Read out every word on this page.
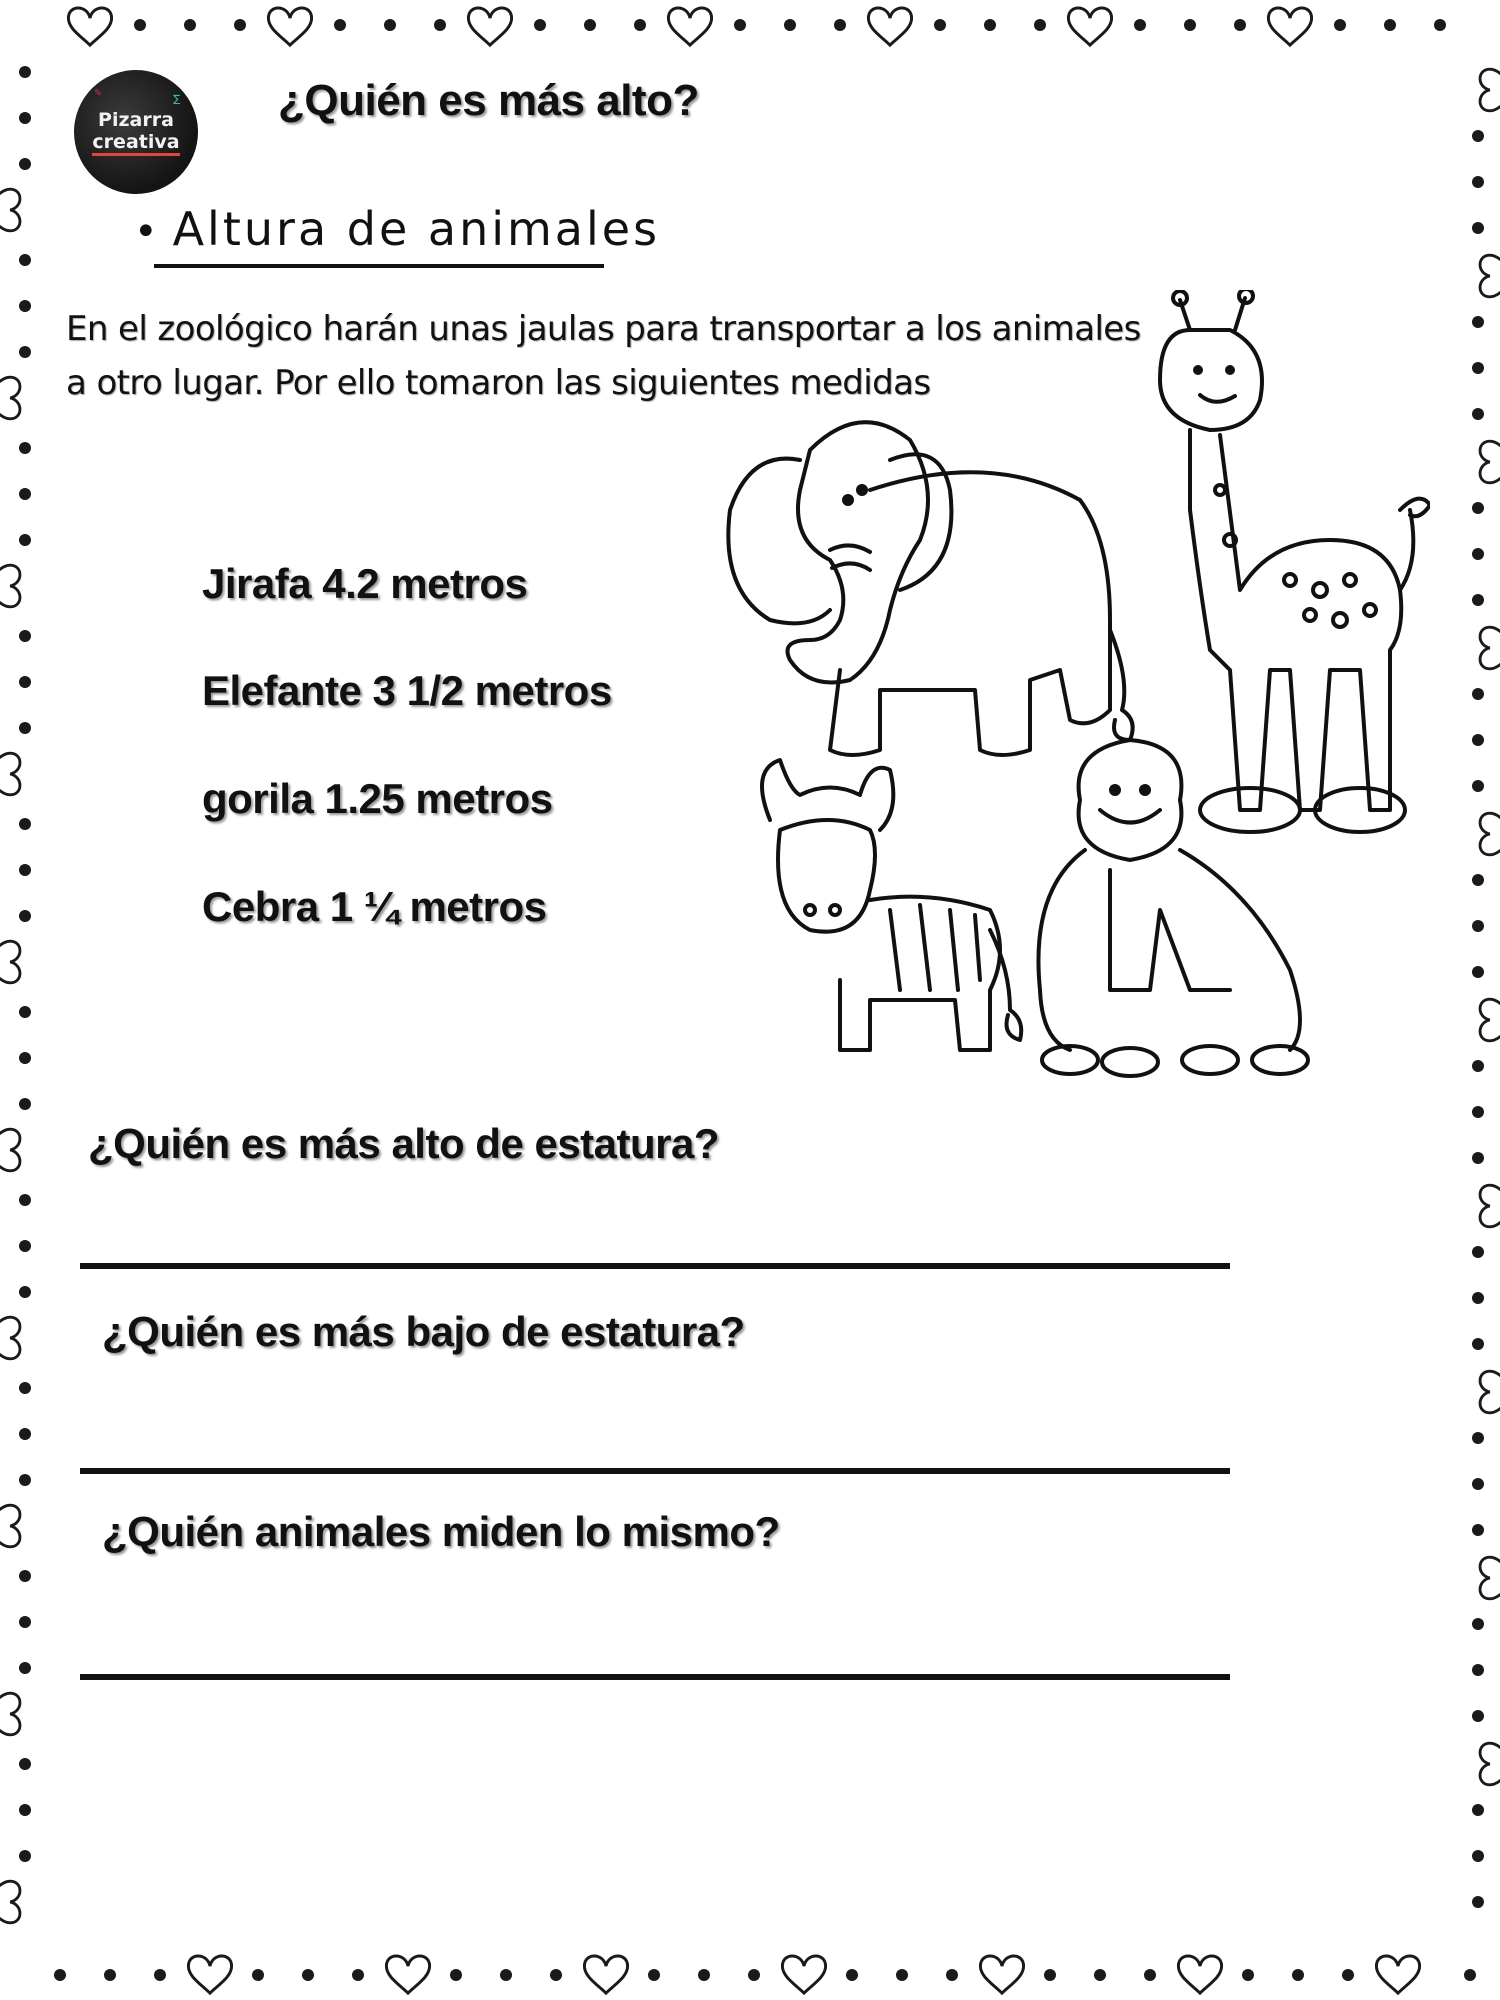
✎
∑
Pizarra
creativa
¿Quién es más alto?
• Altura de animales
En el zoológico harán unas jaulas para transportar a los animales a otro lugar. Por ello tomaron las siguientes medidas
Jirafa 4.2 metros
Elefante 3 1/2 metros
gorila 1.25 metros
Cebra 1 ¼ metros
¿Quién es más alto de estatura?
¿Quién es más bajo de estatura?
¿Quién animales miden lo mismo?
